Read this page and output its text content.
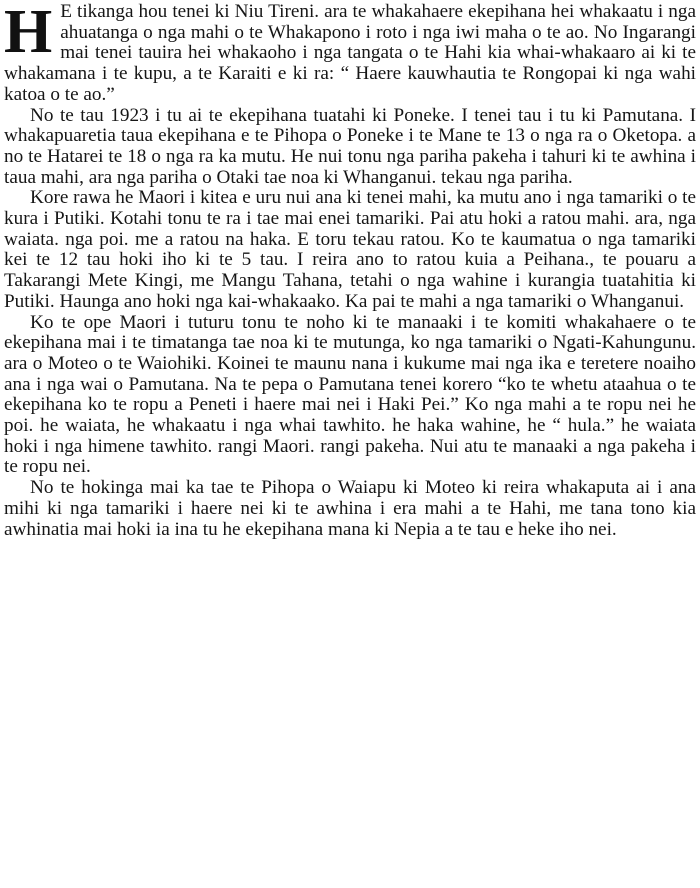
H E tikanga hou tenei ki Niu Tireni. ara te whakahaere ekepihana hei whakaatu i nga ahuatanga o nga mahi o te Whakapono i roto i nga iwi maha o te ao. No Ingarangi mai tenei tauira hei whakaoho i nga tangata o te Hahi kia whai-whakaaro ai ki te whakamana i te kupu, a te Karaiti e ki ra: “ Haere kauwhautia te Rongopai ki nga wahi katoa o te ao.”

No te tau 1923 i tu ai te ekepihana tuatahi ki Poneke. I tenei tau i tu ki Pamutana. I whakapuaretia taua ekepihana e te Pihopa o Poneke i te Mane te 13 o nga ra o Oketopa. a no te Hatarei te 18 o nga ra ka mutu. He nui tonu nga pariha pakeha i tahuri ki te awhina i taua mahi, ara nga pariha o Otaki tae noa ki Whanganui. tekau nga pariha.

Kore rawa he Maori i kitea e uru nui ana ki tenei mahi, ka mutu ano i nga tamariki o te kura i Putiki. Kotahi tonu te ra i tae mai enei tamariki. Pai atu hoki a ratou mahi. ara, nga waiata. nga poi. me a ratou na haka. E toru tekau ratou. Ko te kaumatua o nga tamariki kei te 12 tau hoki iho ki te 5 tau. I reira ano to ratou kuia a Peihana., te pouaru a Takarangi Mete Kingi, me Mangu Tahana, tetahi o nga wahine i kurangia tuatahitia ki Putiki. Haunga ano hoki nga kai-whakaako. Ka pai te mahi a nga tamariki o Whanganui.

Ko te ope Maori i tuturu tonu te noho ki te manaaki i te komiti whakahaere o te ekepihana mai i te timatanga tae noa ki te mutunga, ko nga tamariki o Ngati-Kahungunu. ara o Moteo o te Waiohiki. Koinei te maunu nana i kukume mai nga ika e teretere noaiho ana i nga wai o Pamutana. Na te pepa o Pamutana tenei korero “ko te whetu ataahua o te ekepihana ko te ropu a Peneti i haere mai nei i Haki Pei.” Ko nga mahi a te ropu nei he poi. he waiata, he whakaatu i nga whai tawhito. he haka wahine, he “ hula.” he waiata hoki i nga himene tawhito. rangi Maori. rangi pakeha. Nui atu te manaaki a nga pakeha i te ropu nei.

No te hokinga mai ka tae te Pihopa o Waiapu ki Moteo ki reira whakaputa ai i ana mihi ki nga tamariki i haere nei ki te awhina i era mahi a te Hahi, me tana tono kia awhinatia mai hoki ia ina tu he ekepihana mana ki Nepia a te tau e heke iho nei.
